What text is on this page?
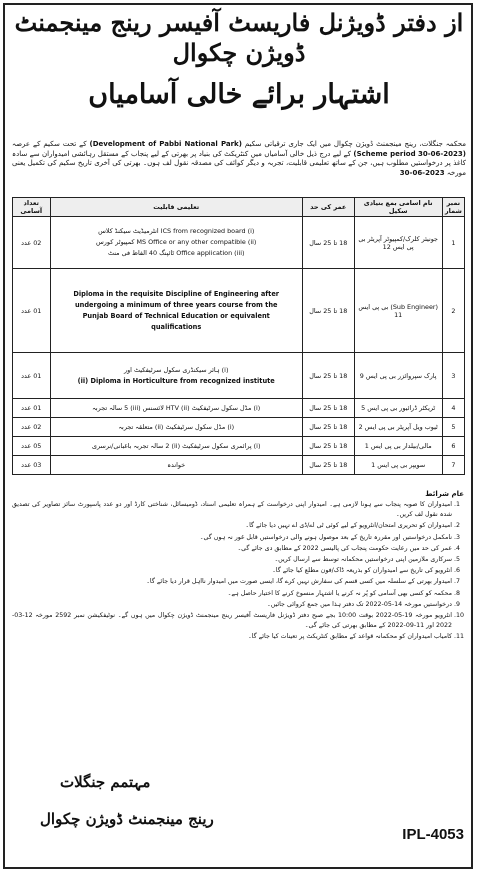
از دفتر ڈویژنل فاریسٹ آفیسر رینج مینجمنٹ ڈویژن چکوال
اشتہار برائے خالی آسامیاں
محکمہ جنگلات، رینج مینجمنٹ ڈویژن چکوال میں ایک جاری ترقیاتی سکیم (Development of Pabbi National Park) کے تحت سکیم کے عرصہ (Scheme period 30-06-2023) کے لیے درج ذیل خالی آسامیاں میں کنٹریکٹ کی بنیاد پر بھرتی کے لیے پنجاب کے مستقل رہائشی امیدواران سے سادہ کاغذ پر درخواستیں مطلوب ہیں، جن کے ساتھ تعلیمی قابلیت، تجربہ و دیگر کوائف کی مصدقہ نقول لف ہوں۔ بھرتی کی آخری تاریخ سکیم کی تکمیل یعنی مورخہ 30-06-2023
نمبر شمار	نام اسامی بمع بنیادی سکیل	عمر کی حد	تعلیمی قابلیت	تعداد آسامی
1	جونیئر کلرک/کمپیوٹر آپریٹر بی پی ایس 12	18 تا 25 سال	ICS from recognized board (i) انٹرمیڈیٹ سیکنڈ کلاس
MS Office or any other compatible (ii) کمپیوٹر کورس
Office application (iii) ٹائپنگ 40 الفاظ فی منٹ	02 عدد
2	(Sub Engineer) بی پی ایس 11	18 تا 25 سال	Diploma in the requisite Discipline of Engineering after
undergoing a minimum of three years course from the
Punjab Board of Technical Education or equivalent
qualifications	01 عدد
3	پارک سپروائزر بی پی ایس 9	18 تا 25 سال	(i) ہائر سیکنڈری سکول سرٹیفکیٹ اور
(ii) Diploma in Horticulture from recognized institute	01 عدد
4	ٹریکٹر ڈرائیور بی پی ایس 5	18 تا 25 سال	(i) مڈل سکول سرٹیفکیٹ (ii) HTV لائسنس (iii) 5 سالہ تجربہ	01 عدد
5	ٹیوب ویل آپریٹر بی پی ایس 2	18 تا 25 سال	(i) مڈل سکول سرٹیفکیٹ (ii) متعلقہ تجربہ	02 عدد
6	مالی/بیلدار بی پی ایس 1	18 تا 25 سال	(i) پرائمری سکول سرٹیفکیٹ (ii) 2 سالہ تجربہ باغبانی/نرسری	05 عدد
7	سویپر بی پی ایس 1	18 تا 25 سال	خواندہ	03 عدد
عام شرائط
1. امیدواران کا صوبہ پنجاب سے ہونا لازمی ہے۔ امیدوار اپنی درخواست کے ہمراہ تعلیمی اسناد، ڈومیسائل، شناختی کارڈ اور دو عدد پاسپورٹ سائز تصاویر کی تصدیق شدہ نقول لف کریں۔
2. امیدواران کو تحریری امتحان/انٹرویو کے لیے کوئی ٹی اے/ڈی اے نہیں دیا جائے گا۔
3. نامکمل درخواستیں اور مقررہ تاریخ کے بعد موصول ہونے والی درخواستیں قابل غور نہ ہوں گی۔
4. عمر کی حد میں رعایت حکومت پنجاب کی پالیسی 2022 کے مطابق دی جائے گی۔
5. سرکاری ملازمین اپنی درخواستیں محکمانہ توسط سے ارسال کریں۔
6. انٹرویو کی تاریخ سے امیدواران کو بذریعہ ڈاک/فون مطلع کیا جائے گا۔
7. امیدوار بھرتی کے سلسلہ میں کسی قسم کی سفارش نہیں کرے گا، ایسی صورت میں امیدوار نااہل قرار دیا جائے گا۔
8. محکمہ کو کسی بھی آسامی کو پُر نہ کرنے یا اشتہار منسوخ کرنے کا اختیار حاصل ہے۔
9. درخواستیں مورخہ 14-05-2022 تک دفتر ہذا میں جمع کروائی جائیں۔
10. انٹرویو مورخہ 19-05-2022 بوقت 10:00 بجے صبح دفتر ڈویژنل فاریسٹ آفیسر رینج مینجمنٹ ڈویژن چکوال میں ہوں گے۔ نوٹیفکیشن نمبر 2592 مورخہ 12-03-2022 اور 11-09-2022 کے مطابق بھرتی کی جائے گی۔
11. کامیاب امیدواران کو محکمانہ قواعد کے مطابق کنٹریکٹ پر تعینات کیا جائے گا۔
مہتمم جنگلات
رینج مینجمنٹ ڈویژن چکوال
IPL-4053
